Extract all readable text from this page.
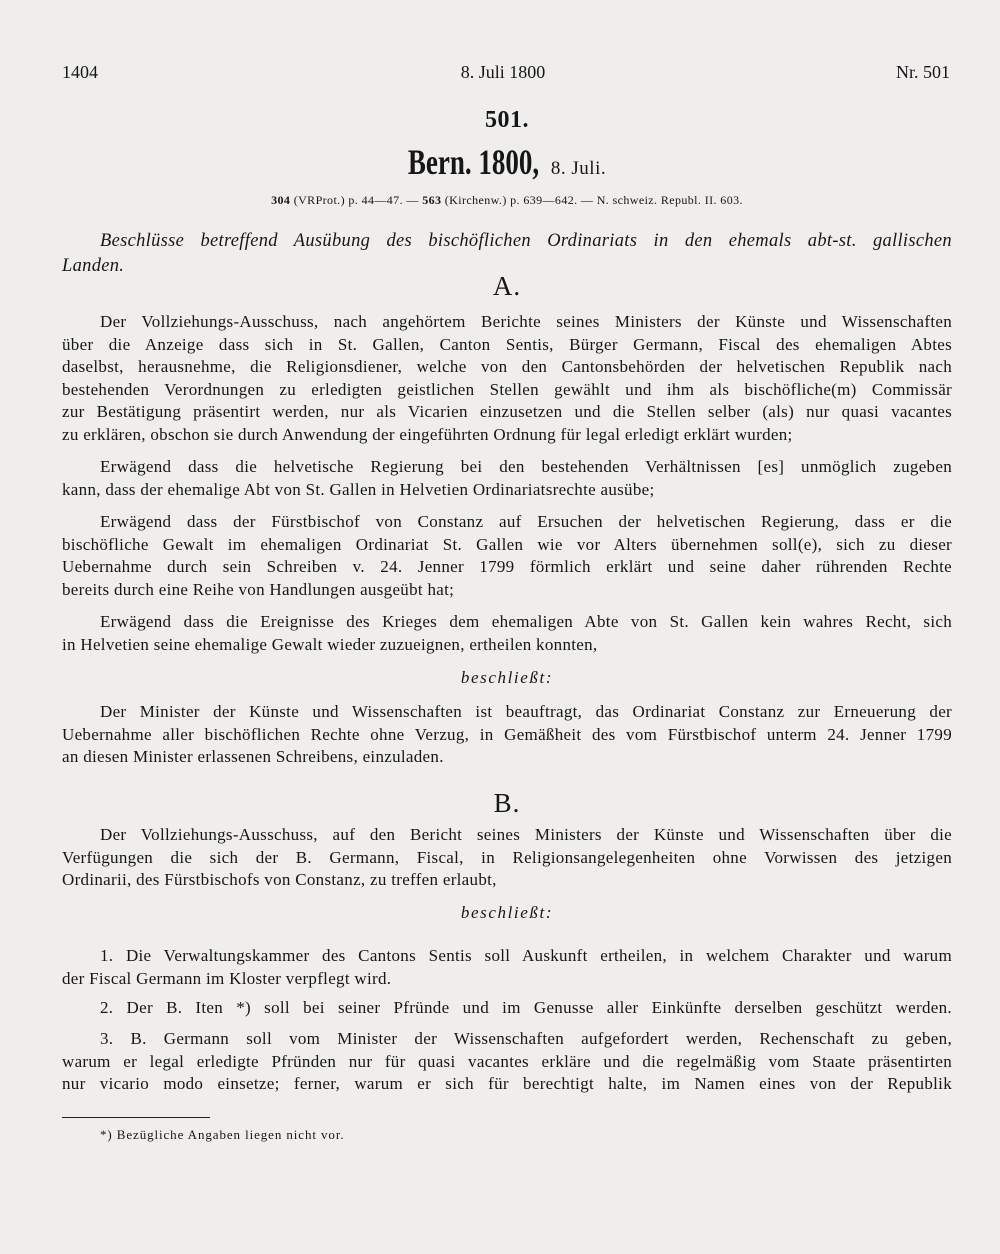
1404	8. Juli 1800	Nr. 501
501.
Bern. 1800, 8. Juli.
304 (VRProt.) p. 44—47. — 563 (Kirchenw.) p. 639—642. — N. schweiz. Republ. II. 603.
Beschlüsse betreffend Ausübung des bischöflichen Ordinariats in den ehemals abt-st. gallischen
Landen.
A.
Der Vollziehungs-Ausschuss, nach angehörtem Berichte seines Ministers der Künste und Wissenschaften
über die Anzeige dass sich in St. Gallen, Canton Sentis, Bürger Germann, Fiscal des ehemaligen Abtes
daselbst, herausnehme, die Religionsdiener, welche von den Cantonsbehörden der helvetischen Republik nach
bestehenden Verordnungen zu erledigten geistlichen Stellen gewählt und ihm als bischöfliche(m) Commissär
zur Bestätigung präsentirt werden, nur als Vicarien einzusetzen und die Stellen selber (als) nur quasi vacantes
zu erklären, obschon sie durch Anwendung der eingeführten Ordnung für legal erledigt erklärt wurden;
Erwägend dass die helvetische Regierung bei den bestehenden Verhältnissen [es] unmöglich zugeben
kann, dass der ehemalige Abt von St. Gallen in Helvetien Ordinariatsrechte ausübe;
Erwägend dass der Fürstbischof von Constanz auf Ersuchen der helvetischen Regierung, dass er die
bischöfliche Gewalt im ehemaligen Ordinariat St. Gallen wie vor Alters übernehmen soll(e), sich zu dieser
Uebernahme durch sein Schreiben v. 24. Jenner 1799 förmlich erklärt und seine daher rührenden Rechte
bereits durch eine Reihe von Handlungen ausgeübt hat;
Erwägend dass die Ereignisse des Krieges dem ehemaligen Abte von St. Gallen kein wahres Recht, sich
in Helvetien seine ehemalige Gewalt wieder zuzueignen, ertheilen konnten,
beschließt:
Der Minister der Künste und Wissenschaften ist beauftragt, das Ordinariat Constanz zur Erneuerung der
Uebernahme aller bischöflichen Rechte ohne Verzug, in Gemäßheit des vom Fürstbischof unterm 24. Jenner 1799
an diesen Minister erlassenen Schreibens, einzuladen.
B.
Der Vollziehungs-Ausschuss, auf den Bericht seines Ministers der Künste und Wissenschaften über die
Verfügungen die sich der B. Germann, Fiscal, in Religionsangelegenheiten ohne Vorwissen des jetzigen
Ordinarii, des Fürstbischofs von Constanz, zu treffen erlaubt,
beschließt:
1. Die Verwaltungskammer des Cantons Sentis soll Auskunft ertheilen, in welchem Charakter und warum
der Fiscal Germann im Kloster verpflegt wird.
2. Der B. Iten *) soll bei seiner Pfründe und im Genusse aller Einkünfte derselben geschützt werden.
3. B. Germann soll vom Minister der Wissenschaften aufgefordert werden, Rechenschaft zu geben,
warum er legal erledigte Pfründen nur für quasi vacantes erkläre und die regelmäßig vom Staate präsentirten
nur vicario modo einsetze; ferner, warum er sich für berechtigt halte, im Namen eines von der Republik
*) Bezügliche Angaben liegen nicht vor.
